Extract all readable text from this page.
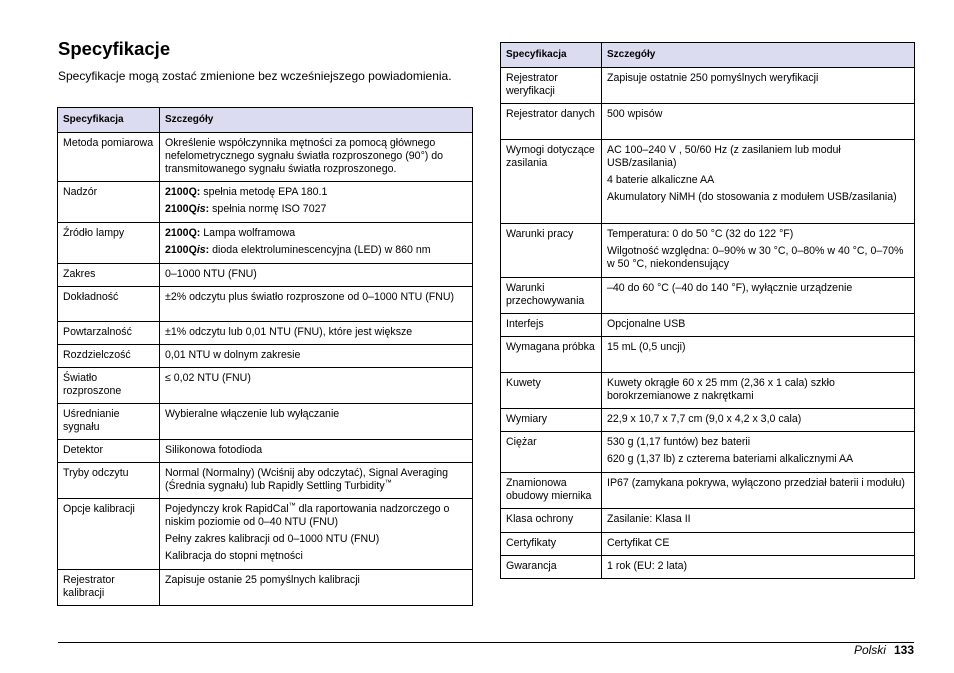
Specyfikacje

Specyfikacje mogą zostać zmienione bez wcześniejszego powiadomienia.

Specyfikacja	Szczegóły
Metoda pomiarowa	Określenie współczynnika mętności za pomocą głównego nefelometrycznego sygnału światła rozproszonego (90°) do transmitowanego sygnału światła rozproszonego.

Nadzór	2100Q: spełnia metodę EPA 180.1
2100Qis: spełnia normę ISO 7027

Źródło lampy	2100Q: Lampa wolframowa
2100Qis: dioda elektroluminescencyjna (LED) w 860 nm

Zakres	0–1000 NTU (FNU)

Dokładność	±2% odczytu plus światło rozproszone od 0–1000 NTU (FNU)

Powtarzalność	±1% odczytu lub 0,01 NTU (FNU), które jest większe

Rozdzielczość	0,01 NTU w dolnym zakresie

Światło rozproszone	≤ 0,02 NTU (FNU)

Uśrednianie sygnału	Wybieralne włączenie lub wyłączanie

Detektor	Silikonowa fotodioda

Tryby odczytu	Normal (Normalny) (Wciśnij aby odczytać), Signal Averaging (Średnia sygnału) lub Rapidly Settling Turbidity™

Opcje kalibracji	Pojedynczy krok RapidCal™ dla raportowania nadzorczego o niskim poziomie od 0–40 NTU (FNU)
Pełny zakres kalibracji od 0–1000 NTU (FNU)
Kalibracja do stopni mętności

Rejestrator kalibracji	Zapisuje ostanie 25 pomyślnych kalibracji
Specyfikacja	Szczegóły
Rejestrator weryfikacji	Zapisuje ostatnie 250 pomyślnych weryfikacji

Rejestrator danych	500 wpisów

Wymogi dotyczące zasilania	AC 100–240 V , 50/60 Hz (z zasilaniem lub moduł USB/zasilania)
4 baterie alkaliczne AA
Akumulatory NiMH (do stosowania z modułem USB/zasilania)

Warunki pracy	Temperatura: 0 do 50 °C (32 do 122 °F)
Wilgotność względna: 0–90% w 30 °C, 0–80% w 40 °C, 0–70% w 50 °C, niekondensujący

Warunki przechowywania	–40 do 60 °C (–40 do 140 °F), wyłącznie urządzenie

Interfejs	Opcjonalne USB

Wymagana próbka	15 mL (0,5 uncji)

Kuwety	Kuwety okrągłe 60 x 25 mm (2,36 x 1 cala) szkło borokrzemianowe z nakrętkami

Wymiary	22,9 x 10,7 x 7,7 cm (9,0 x 4,2 x 3,0 cala)

Ciężar	530 g (1,17 funtów) bez baterii
620 g (1,37 lb) z czterema bateriami alkalicznymi AA

Znamionowa obudowy miernika	IP67 (zamykana pokrywa, wyłączono przedział baterii i modułu)

Klasa ochrony	Zasilanie: Klasa II

Certyfikaty	Certyfikat CE

Gwarancja	1 rok (EU: 2 lata)
Polski 133
